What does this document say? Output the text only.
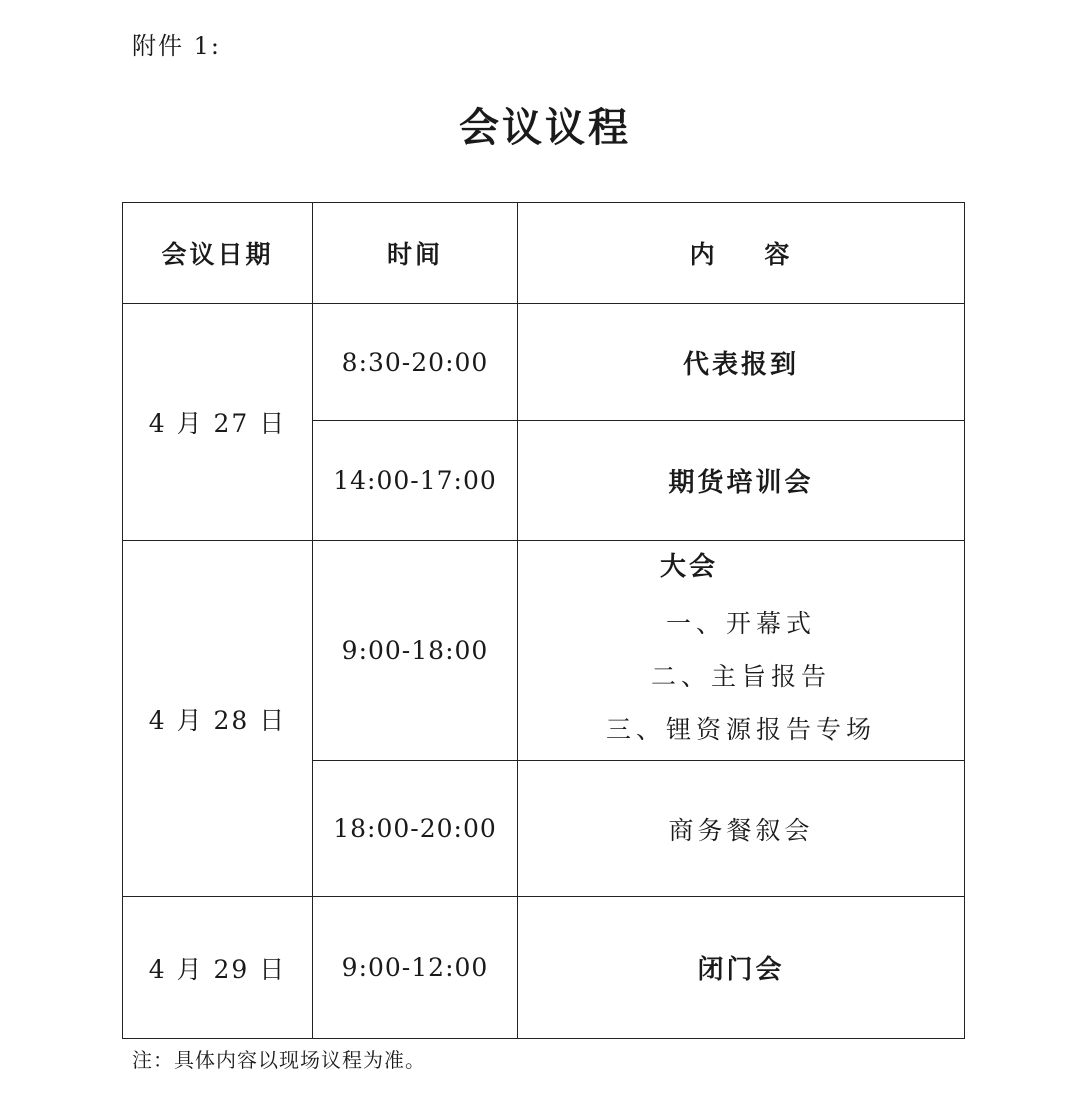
附件 1:
会议议程
会议日期	时间	内    容
4 月 27 日	8:30-20:00	代表报到
	14:00-17:00	期货培训会
4 月 28 日	9:00-18:00	大会
一、开幕式
二、主旨报告
三、锂资源报告专场

	18:00-20:00	商务餐叙会
4 月 29 日	9:00-12:00	闭门会
注：具体内容以现场议程为准。
